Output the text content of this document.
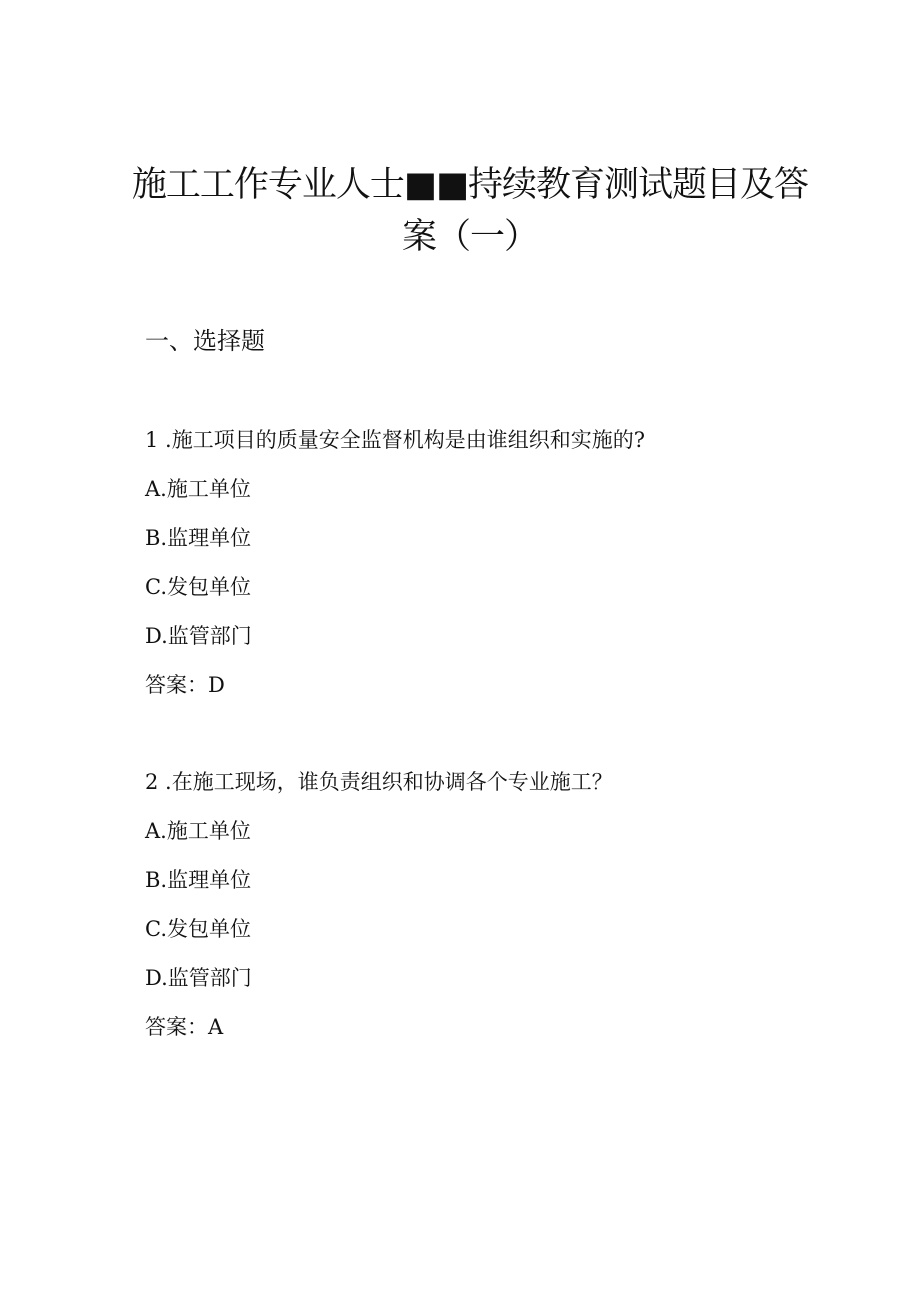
施工工作专业人士■■持续教育测试题目及答
案（一）
一、选择题
1 .施工项目的质量安全监督机构是由谁组织和实施的?
A.施工单位
B.监理单位
C.发包单位
D.监管部门
答案：D
2 .在施工现场，谁负责组织和协调各个专业施工？
A.施工单位
B.监理单位
C.发包单位
D.监管部门
答案：A
